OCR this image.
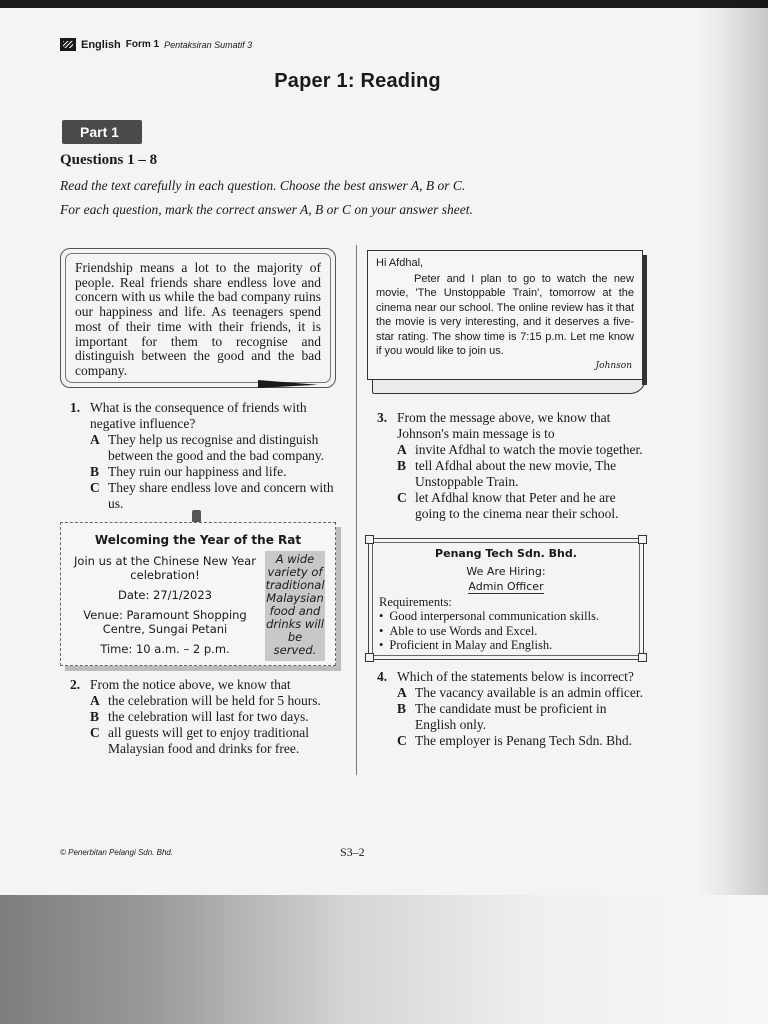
English Form 1 Pentaksiran Sumatif 3
Paper 1: Reading
Part 1
Questions 1 – 8
Read the text carefully in each question. Choose the best answer A, B or C.
For each question, mark the correct answer A, B or C on your answer sheet.
Friendship means a lot to the majority of people. Real friends share endless love and concern with us while the bad company ruins our happiness and life. As teenagers spend most of their time with their friends, it is important for them to recognise and distinguish between the good and the bad company.
1. What is the consequence of friends with negative influence?
A They help us recognise and distinguish between the good and the bad company.
B They ruin our happiness and life.
C They share endless love and concern with us.
Welcoming the Year of the Rat
Join us at the Chinese New Year celebration!
Date: 27/1/2023
Venue: Paramount Shopping Centre, Sungai Petani
Time: 10 a.m. – 2 p.m.
A wide variety of traditional Malaysian food and drinks will be served.
2. From the notice above, we know that
A the celebration will be held for 5 hours.
B the celebration will last for two days.
C all guests will get to enjoy traditional Malaysian food and drinks for free.

Hi Afdhal,

Peter and I plan to go to watch the new movie, 'The Unstoppable Train', tomorrow at the cinema near our school. The online review has it that the movie is very interesting, and it deserves a five-star rating. The show time is 7:15 p.m. Let me know if you would like to join us.

Johnson
3. From the message above, we know that Johnson's main message is to
A invite Afdhal to watch the movie together.
B tell Afdhal about the new movie, The Unstoppable Train.
C let Afdhal know that Peter and he are going to the cinema near their school.
Penang Tech Sdn. Bhd.
We Are Hiring:
Admin Officer
Requirements:
• Good interpersonal communication skills.
• Able to use Words and Excel.
• Proficient in Malay and English.
4. Which of the statements below is incorrect?
A The vacancy available is an admin officer.
B The candidate must be proficient in English only.
C The employer is Penang Tech Sdn. Bhd.
© Penerbitan Pelangi Sdn. Bhd.	S3–2
